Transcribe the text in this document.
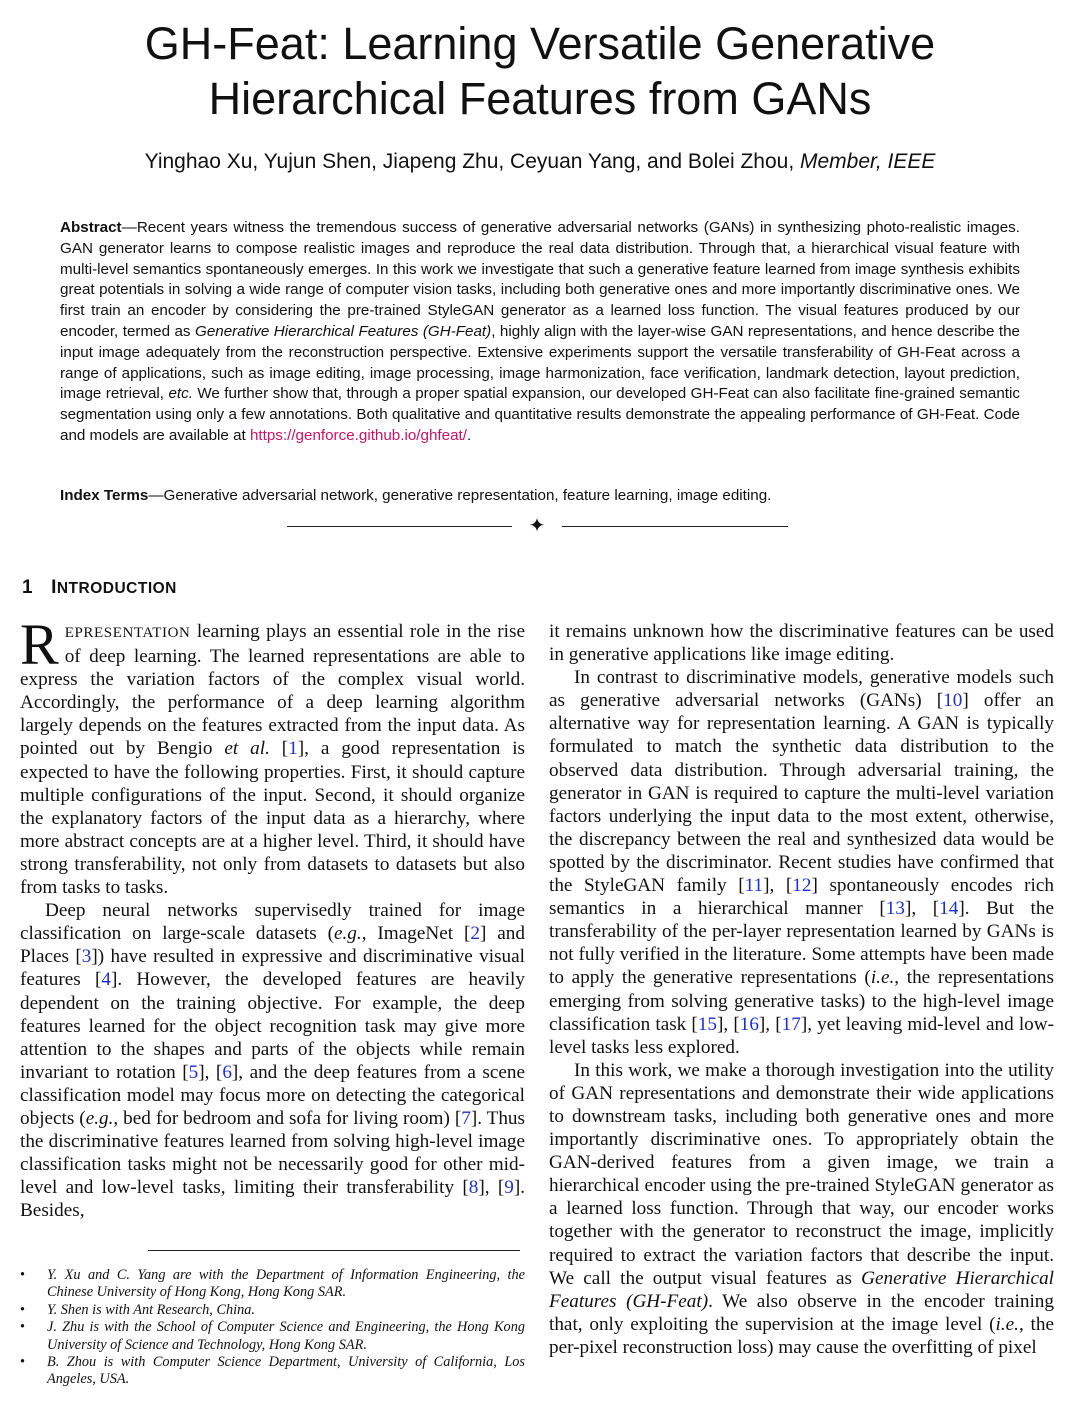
GH-Feat: Learning Versatile Generative
Hierarchical Features from GANs
Yinghao Xu, Yujun Shen, Jiapeng Zhu, Ceyuan Yang, and Bolei Zhou, Member, IEEE

Abstract—Recent years witness the tremendous success of generative adversarial networks (GANs) in synthesizing photo-realistic images. GAN generator learns to compose realistic images and reproduce the real data distribution. Through that, a hierarchical visual feature with multi-level semantics spontaneously emerges. In this work we investigate that such a generative feature learned from image synthesis exhibits great potentials in solving a wide range of computer vision tasks, including both generative ones and more importantly discriminative ones. We first train an encoder by considering the pre-trained StyleGAN generator as a learned loss function. The visual features produced by our encoder, termed as Generative Hierarchical Features (GH-Feat), highly align with the layer-wise GAN representations, and hence describe the input image adequately from the reconstruction perspective. Extensive experiments support the versatile transferability of GH-Feat across a range of applications, such as image editing, image processing, image harmonization, face verification, landmark detection, layout prediction, image retrieval, etc. We further show that, through a proper spatial expansion, our developed GH-Feat can also facilitate fine-grained semantic segmentation using only a few annotations. Both qualitative and quantitative results demonstrate the appealing performance of GH-Feat. Code and models are available at https://genforce.github.io/ghfeat/.

Index Terms—Generative adversarial network, generative representation, feature learning, image editing.

✦
1 INTRODUCTION

REPRESENTATION learning plays an essential role in the rise of deep learning. The learned representations are able to express the variation factors of the complex visual world. Accordingly, the performance of a deep learning algorithm largely depends on the features extracted from the input data. As pointed out by Bengio et al. [1], a good representation is expected to have the following properties. First, it should capture multiple configurations of the input. Second, it should organize the explanatory factors of the input data as a hierarchy, where more abstract concepts are at a higher level. Third, it should have strong transferability, not only from datasets to datasets but also from tasks to tasks.

Deep neural networks supervisedly trained for image classification on large-scale datasets (e.g., ImageNet [2] and Places [3]) have resulted in expressive and discriminative visual features [4]. However, the developed features are heavily dependent on the training objective. For example, the deep features learned for the object recognition task may give more attention to the shapes and parts of the objects while remain invariant to rotation [5], [6], and the deep features from a scene classification model may focus more on detecting the categorical objects (e.g., bed for bedroom and sofa for living room) [7]. Thus the discriminative features learned from solving high-level image classification tasks might not be necessarily good for other mid-level and low-level tasks, limiting their transferability [8], [9]. Besides,

• Y. Xu and C. Yang are with the Department of Information Engineering, the Chinese University of Hong Kong, Hong Kong SAR.
• Y. Shen is with Ant Research, China.
• J. Zhu is with the School of Computer Science and Engineering, the Hong Kong University of Science and Technology, Hong Kong SAR.
• B. Zhou is with Computer Science Department, University of California, Los Angeles, USA.

it remains unknown how the discriminative features can be used in generative applications like image editing.

In contrast to discriminative models, generative models such as generative adversarial networks (GANs) [10] offer an alternative way for representation learning. A GAN is typically formulated to match the synthetic data distribution to the observed data distribution. Through adversarial training, the generator in GAN is required to capture the multi-level variation factors underlying the input data to the most extent, otherwise, the discrepancy between the real and synthesized data would be spotted by the discriminator. Recent studies have confirmed that the StyleGAN family [11], [12] spontaneously encodes rich semantics in a hierarchical manner [13], [14]. But the transferability of the per-layer representation learned by GANs is not fully verified in the literature. Some attempts have been made to apply the generative representations (i.e., the representations emerging from solving generative tasks) to the high-level image classification task [15], [16], [17], yet leaving mid-level and low-level tasks less explored.

In this work, we make a thorough investigation into the utility of GAN representations and demonstrate their wide applications to downstream tasks, including both generative ones and more importantly discriminative ones. To appropriately obtain the GAN-derived features from a given image, we train a hierarchical encoder using the pre-trained StyleGAN generator as a learned loss function. Through that way, our encoder works together with the generator to reconstruct the image, implicitly required to extract the variation factors that describe the input. We call the output visual features as Generative Hierarchical Features (GH-Feat). We also observe in the encoder training that, only exploiting the supervision at the image level (i.e., the per-pixel reconstruction loss) may cause the overfitting of pixel
